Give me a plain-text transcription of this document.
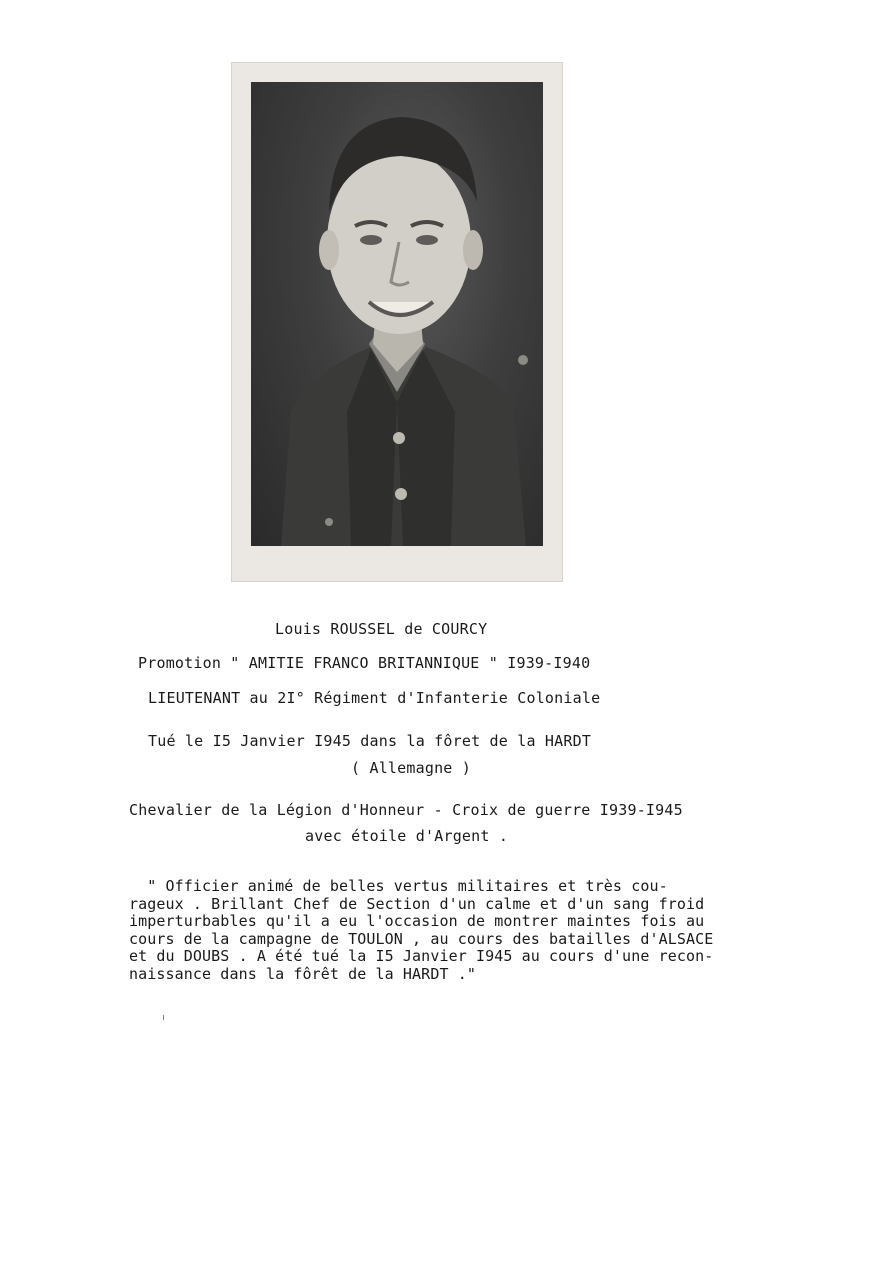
Louis ROUSSEL de COURCY
Promotion " AMITIE FRANCO BRITANNIQUE " I939-I940
LIEUTENANT au 2I° Régiment d'Infanterie Coloniale
Tué le I5 Janvier I945 dans la fôret de la HARDT
( Allemagne )
Chevalier de la Légion d'Honneur - Croix de guerre I939-I945
avec étoile d'Argent .
" Officier animé de belles vertus militaires et très cou-
rageux . Brillant Chef de Section d'un calme et d'un sang froid
imperturbables qu'il a eu l'occasion de montrer maintes fois au
cours de la campagne de TOULON , au cours des batailles d'ALSACE
et du DOUBS . A été tué la I5 Janvier I945 au cours d'une recon-
naissance dans la fôrêt de la HARDT ."
